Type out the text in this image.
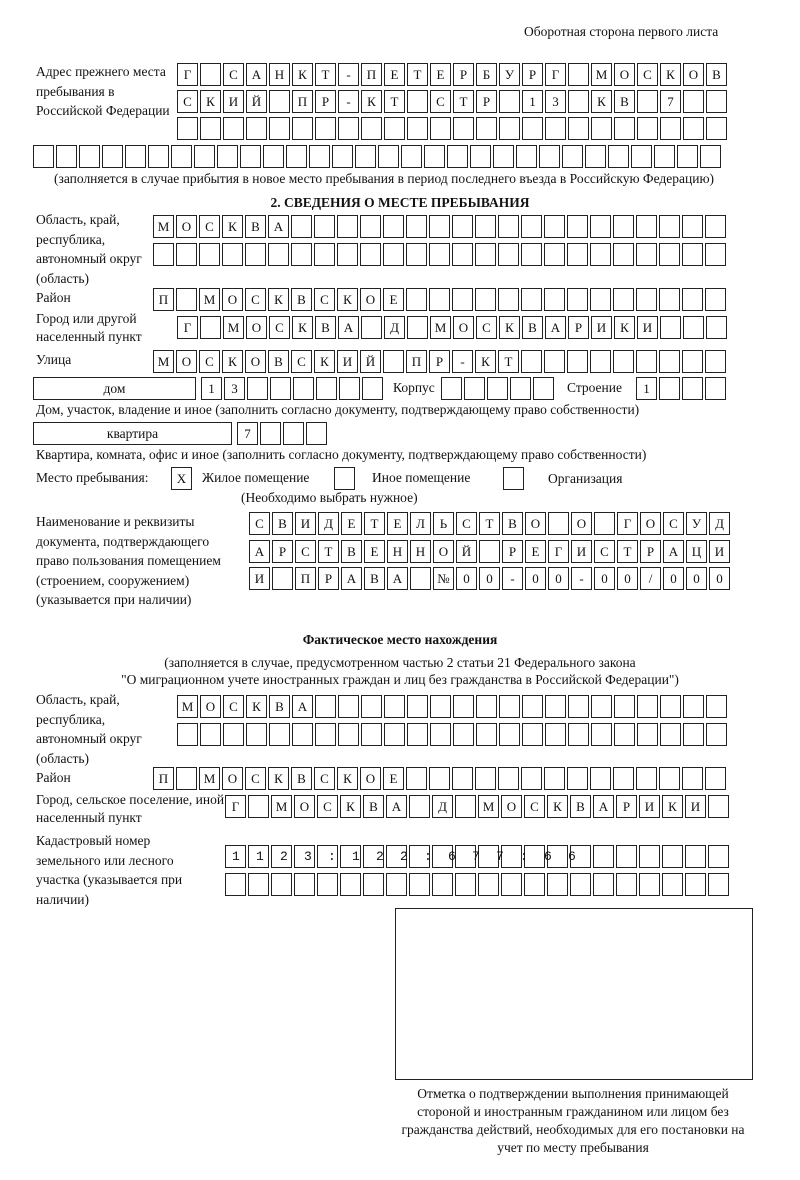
Оборотная сторона первого листа
Адрес прежнего места пребывания в Российской Федерации
Г	С	А	Н	К	Т	-	П	Е	Т	Е	Р	Б	У	Р	Г	М О	С	К	О	В
С	К	И	Й	П	Р	-	К	Т	С	Т	Р	1	3	К	В	7
(заполняется в случае прибытия в новое место пребывания в период последнего въезда в Российскую Федерацию)
2. СВЕДЕНИЯ О МЕСТЕ ПРЕБЫВАНИЯ
Область, край, республика, автономный округ (область)
М О	С	К	В	А
Район	П	М О	С	К	В	С	К	О	Е
Город или другой населенный пункт
Г	М О	С	К	В	А	Д	М О	С	К	В	А	Р	И	К	И
Улица	М О	С	К	О	В	С	К	И	Й	П	Р	-	К	Т
дом	1	3	Корпус	Строение	1
Дом, участок, владение и иное (заполнить согласно документу, подтверждающему право собственности)
квартира	7
Квартира, комната, офис и иное (заполнить согласно документу, подтверждающему право собственности)
Место пребывания:	X	Жилое помещение	Иное помещение	Организация
(Необходимо выбрать нужное)
Наименование и реквизиты документа, подтверждающего право пользования помещением (строением, сооружением) (указывается при наличии)
С	В	И	Д	Е	Т	Е	Л	Ь	С	Т	В	О	О	Г	О	С	У	Д
А	Р	С	Т	В	Е	Н	Н	О	Й	Р	Е	Г	И	С	Т	Р	А	Ц	И
И	П	Р	А	В	А	№	0	0	-	0	0	-	0	0	/	0	0	0
Фактическое место нахождения
(заполняется в случае, предусмотренном частью 2 статьи 21 Федерального закона
"О миграционном учете иностранных граждан и лиц без гражданства в Российской Федерации")
Область, край, республика, автономный округ (область)
М О	С	К	В	А
Район	П	М О	С	К	В	С	К	О	Е
Город, сельское поселение, иной населенный пункт
Г	М О	С	К	В	А	Д	М О	С	К	В	А	Р	И	К	И
Кадастровый номер земельного или лесного участка (указывается при наличии)
1123:122:677:66
Отметка о подтверждении выполнения принимающей стороной и иностранным гражданином или лицом без гражданства действий, необходимых для его постановки на учет по месту пребывания
